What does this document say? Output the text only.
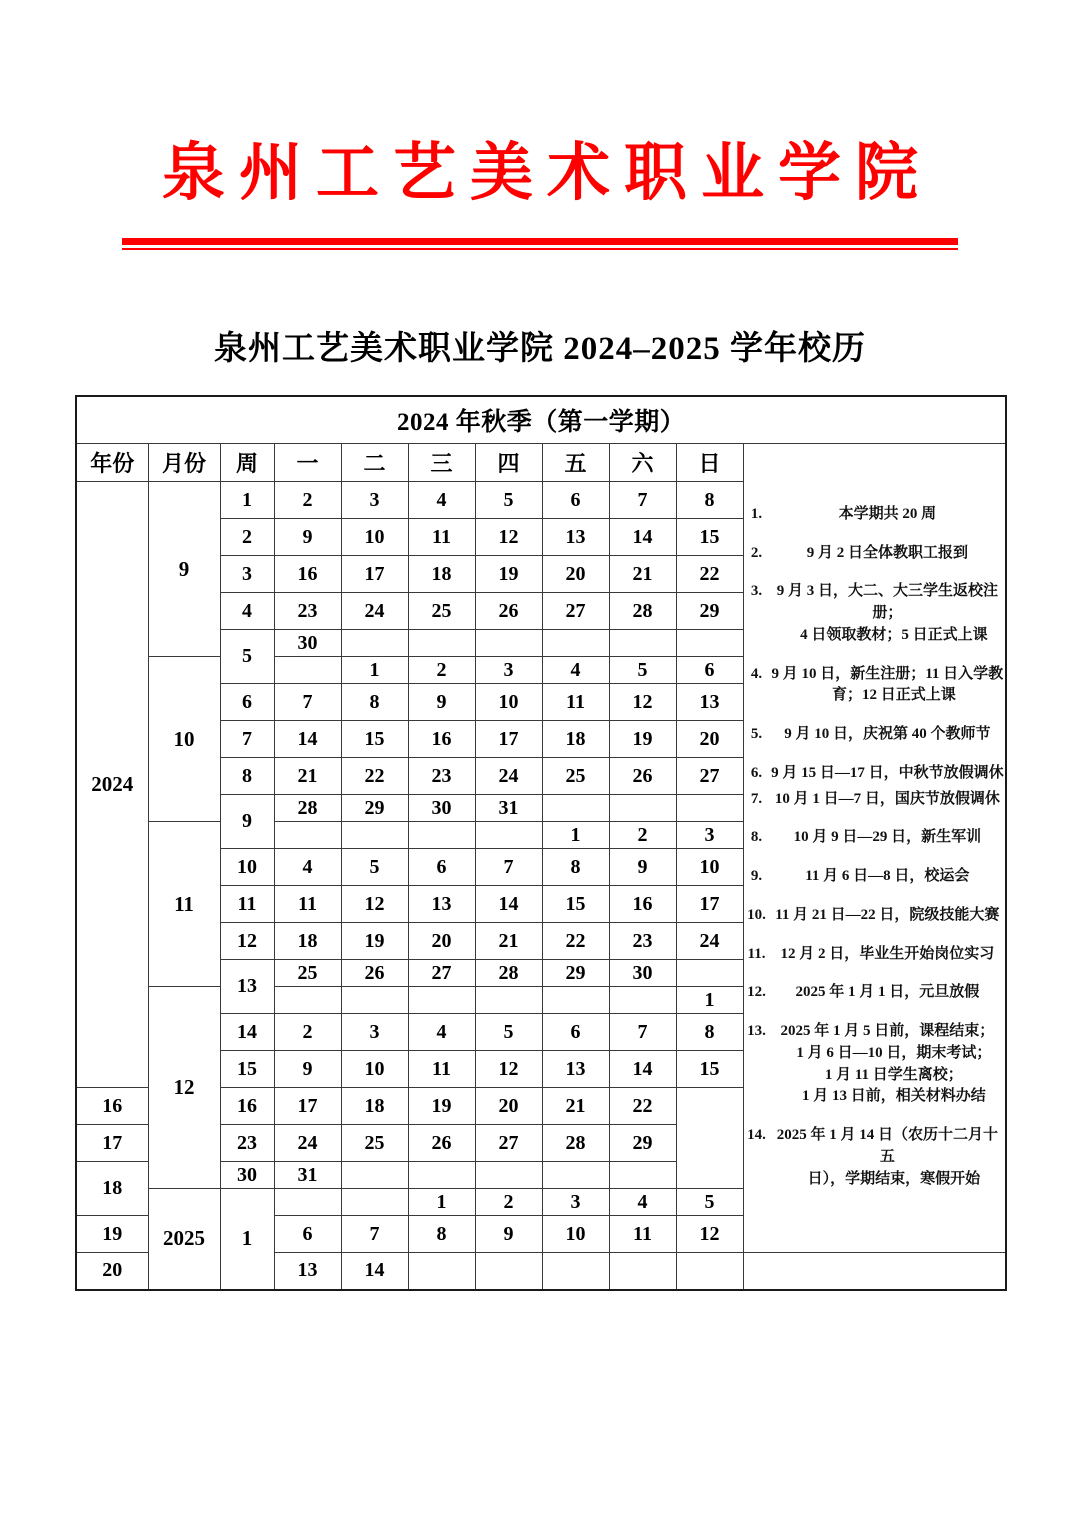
泉州工艺美术职业学院
泉州工艺美术职业学院 2024–2025 学年校历
2024 年秋季（第一学期）										
年份	月份	周	一	二	三	四	五	六	日	
1.	本学期共 20 周
2.	9 月 2 日全体教职工报到
3. 9 月 3 日，大二、大三学生返校注册；
4 日领取教材；5 日正式上课
4. 9 月 10 日，新生注册；11 日入学教
育；12 日正式上课
5.	9 月 10 日，庆祝第 40 个教师节
6. 9 月 15 日—17 日，中秋节放假调休
7. 10 月 1 日—7 日，国庆节放假调休
8.	10 月 9 日—29 日，新生军训
9.	11 月 6 日—8 日，校运会
10. 11 月 21 日—22 日，院级技能大赛
11. 12 月 2 日，毕业生开始岗位实习
12.	2025 年 1 月 1 日，元旦放假
13. 2025 年 1 月 5 日前，课程结束；
1 月 6 日—10 日，期末考试；
1 月 11 日学生离校；
1 月 13 日前，相关材料办结
14. 2025 年 1 月 14 日（农历十二月十五
日），学期结束，寒假开始

2024	9	1	2	3	4	5	6	7	8	
		2	9	10	11	12	13	14	15	
		3	16	17	18	19	20	21	22	
		4	23	24	25	26	27	28	29	
		5	30							
	10			1	2	3	4	5	6	
		6	7	8	9	10	11	12	13	
		7	14	15	16	17	18	19	20	
		8	21	22	23	24	25	26	27	
		9	28	29	30	31				
	11						1	2	3	
		10	4	5	6	7	8	9	10	
		11	11	12	13	14	15	16	17	
		12	18	19	20	21	22	23	24	
		13	25	26	27	28	29	30		
	12								1	
		14	2	3	4	5	6	7	8	
		15	9	10	11	12	13	14	15	
16		16	17	18	19	20	21	22		
17		23	24	25	26	27	28	29		
18		30	31							
	2025	1			1	2	3	4	5	
19			6	7	8	9	10	11	12	
20			13	14						
